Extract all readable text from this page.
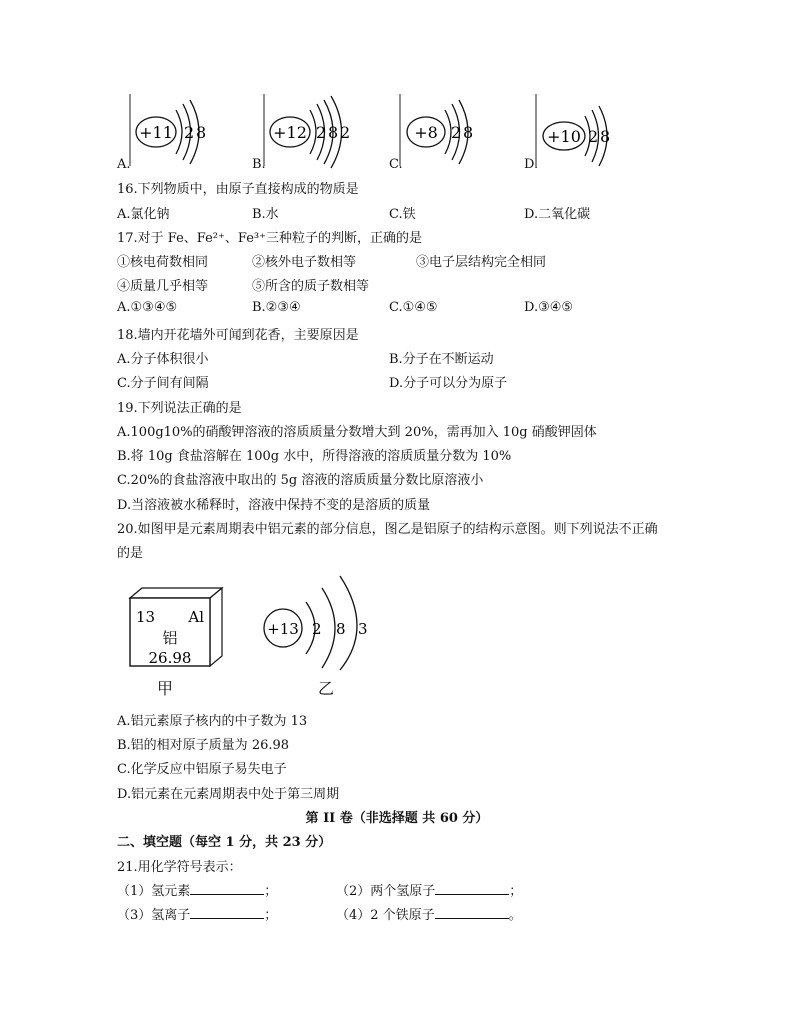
A.
+11 2 8
B.
+12 2 8 2
C.
+8 2 8
D.
+10 2 8
16.下列物质中，由原子直接构成的物质是
A.氯化钠	B.水	C.铁	D.二氧化碳
17.对于 Fe、Fe²⁺、Fe³⁺三种粒子的判断，正确的是
①核电荷数相同	②核外电子数相等	③电子层结构完全相同
④质量几乎相等	⑤所含的质子数相等
A.①③④⑤	B.②③④	C.①④⑤	D.③④⑤
18.墙内开花墙外可闻到花香，主要原因是
A.分子体积很小	B.分子在不断运动
C.分子间有间隔	D.分子可以分为原子
19.下列说法正确的是
A.100g10%的硝酸钾溶液的溶质质量分数增大到 20%，需再加入 10g 硝酸钾固体
B.将 10g 食盐溶解在 100g 水中，所得溶液的溶质质量分数为 10%
C.20%的食盐溶液中取出的 5g 溶液的溶质质量分数比原溶液小
D.当溶液被水稀释时，溶液中保持不变的是溶质的质量
20.如图甲是元素周期表中铝元素的部分信息，图乙是铝原子的结构示意图。则下列说法不正确
的是
13 Al
铝
26.98
甲
+13 2 8 3
乙
A.铝元素原子核内的中子数为 13
B.铝的相对原子质量为 26.98
C.化学反应中铝原子易失电子
D.铝元素在元素周期表中处于第三周期
第 II 卷（非选择题 共 60 分）
二、填空题（每空 1 分，共 23 分）
21.用化学符号表示：
（1）氢元素	；	（2）两个氢原子	；
（3）氢离子	；	（4）2 个铁原子	。
